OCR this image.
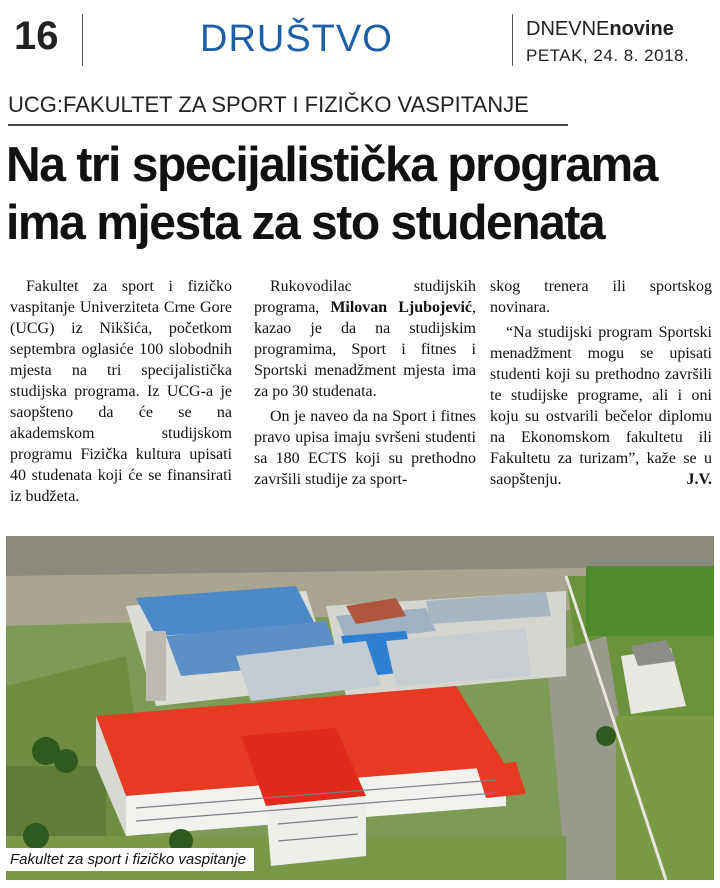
16	DRUŠTVO	DNEVNEnovine
PETAK, 24. 8. 2018.
UCG:FAKULTET ZA SPORT I FIZIČKO VASPITANJE
Na tri specijalistička programa
ima mjesta za sto studenata

Fakultet za sport i fizičko vaspitanje Univerziteta Crne Gore (UCG) iz Nikšića, početkom septembra oglasiće 100 slobodnih mjesta na tri specijalistička studijska programa. Iz UCG-a je saopšteno da će se na akademskom studijskom programu Fizička kultura upisati 40 studenata koji će se finansirati iz budžeta.

Rukovodilac studijskih programa, Milovan Ljubojević, kazao je da na studijskim programima, Sport i fitnes i Sportski menadžment mjesta ima za po 30 studenata.

On je naveo da na Sport i fitnes pravo upisa imaju svršeni studenti sa 180 ECTS koji su prethodno završili studije za sport-

skog trenera ili sportskog novinara.

“Na studijski program Sportski menadžment mogu se upisati studenti koji su prethodno završili te studijske programe, ali i oni koju su ostvarili bečelor diplomu na Ekonomskom fakultetu ili Fakultetu za turizam”, kaže se u saopštenju.	J.V.

Fakultet za sport i fizičko vaspitanje
